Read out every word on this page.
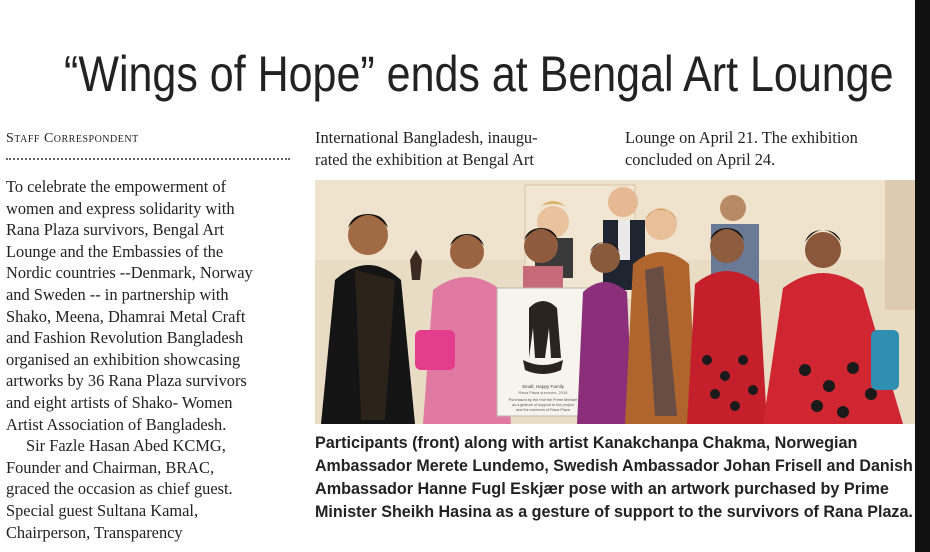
“Wings of Hope” ends at Bengal Art Lounge
Staff Correspondent

To celebrate the empowerment of
women and express solidarity with
Rana Plaza survivors, Bengal Art
Lounge and the Embassies of the
Nordic countries --Denmark, Norway
and Sweden -- in partnership with
Shako, Meena, Dhamrai Metal Craft
and Fashion Revolution Bangladesh
organised an exhibition showcasing
artworks by 36 Rana Plaza survivors
and eight artists of Shako- Women
Artist Association of Bangladesh.

Sir Fazle Hasan Abed KCMG,
Founder and Chairman, BRAC,
graced the occasion as chief guest.
Special guest Sultana Kamal,
Chairperson, Transparency

International Bangladesh, inaugu-
rated the exhibition at Bengal Art
Lounge on April 21. The exhibition
concluded on April 24.
Small, Happy Family
Rana Plaza survivors, 2016
Purchased by the Hon'ble Prime Minister
as a gesture of support to the project
and the survivors of Rana Plaza
Participants (front) along with artist Kanakchanpa Chakma, Norwegian
Ambassador Merete Lundemo, Swedish Ambassador Johan Frisell and Danish
Ambassador Hanne Fugl Eskjær pose with an artwork purchased by Prime
Minister Sheikh Hasina as a gesture of support to the survivors of Rana Plaza.
